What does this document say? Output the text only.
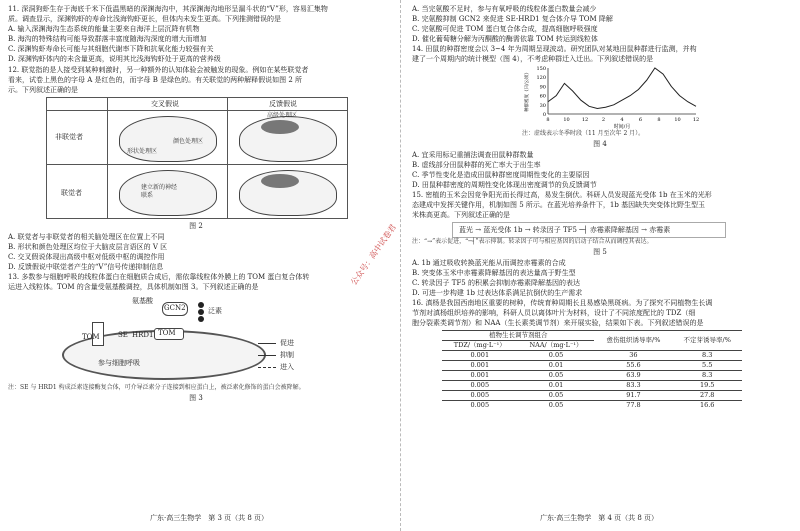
11. 深洞狗虾生存于海底千米下低温黑暗的深渊海沟中，其深渊海沟地形呈漏斗状的“V”形，容易汇集物

质。调查显示，深渊钩虾的寿命比浅海钩虾更长，但体内未发生更高。下列推测错误的是

A. 输入深渊海沟生态系统的能量主要来自海洋上层沉降有机物

B. 海沟的特殊结构可能导致群落丰富度随海沟深度的增大而增加

C. 深渊钩虾寿命长可能与其细胞代谢率下降和抗氧化能力较强有关

D. 深渊钩虾体内的未含量更高，说明其比浅海钩虾处于更高的营养级

12. 联觉指的是人接受到某种刺激时，另一种额外的认知体验会被触发的现象。例如在某些联觉者

看来，试卷上黑色的字母 A 是红色的，而字母 B 是绿色的。有关联觉的两种解释假说如图 2 所

示。下列叙述正确的是

交叉假说	反馈假说
非联觉者
联觉者
形状处理区
颜色处理区
高级处理区
建立新的神经联系

图 2

A. 联觉者与非联觉者的相关脑处理区在位置上不同

B. 形状和颜色处理区均位于大脑皮层言语区的 V 区

C. 交叉假说体现出高级中枢对低级中枢的调控作用

D. 反馈假说中联觉者产生的“V”信号传递抑制信息

13. 多数参与细胞呼吸的线粒体蛋白在细胞质合成后，需依靠线粒体外膜上的 TOM 蛋白复合体转

运进入线粒体。TOM 的含量受氨基酸调控，具体机制如图 3。下列叙述正确的是

SE HRD1 TOM
TOM
GCN2
氨基酸
参与细胞呼吸
泛素
促进
抑制
进入

注：SE 与 HRD1 构成泛素连接酶复合体，可介导泛素分子连接到相应蛋白上，被泛素化修饰的蛋白会被降解。

图 3

广东·高三生物学　第 3 页（共 8 页）

公众号：高中试卷君

A. 当完氨酸不足时，参与有氧呼吸的线粒体蛋白数量会减少

B. 完氨酸抑制 GCN2 来促进 SE-HRD1 复合体介导 TOM 降解

C. 完氨酸可促进 TOM 蛋白复合体合成，提高细胞呼吸强度

D. 催化葡萄糖分解为丙酮酸的酶需依靠 TOM 转运到线粒体

14. 田鼠的种群密度会以 3~4 年为周期呈现波动。研究团队对某地田鼠种群进行监测，并构

建了一个周期内的统计模型（图 4），不考虑种群迁入迁出。下列叙述错误的是

8	10 12	2	4	6	8	10 12
0
30
60
90
120
150
种群密度（只/公顷）
时间/月

注：虚线表示冬季时段（11 月至次年 2 月）。

图 4

A. 宜采用标记重捕法调查田鼠种群数量

B. 虚线部分田鼠种群的死亡率大于出生率

C. 季节性变化是造成田鼠种群密度周期性变化的主要原因

D. 田鼠种群密度的周期性变化体现出密度调节的负反馈调节

15. 密植的玉米会因竞争阳光而长得过高，易发生倒伏。科研人员发现蓝光受体 1b 在玉米的光形

态建成中发挥关键作用，机制如图 5 所示。在蓝光培养条件下，1b 基因缺失突变体比野生型玉

米株高更高。下列叙述正确的是

蓝光 → 蓝光受体 1b → 转录因子 TF5 ─┤ 赤霉素降解基因 → 赤霉素

注：“→”表示促进，“─┤”表示抑制。转录因子可与相应基因的启动子结合从而调控其表达。

图 5

A. 1b 通过吸收转换蓝光能从而调控赤霉素的合成

B. 突变体玉米中赤霉素降解基因的表达量高于野生型

C. 转录因子 TF5 的积累会抑制赤霉素降解基因的表达

D. 可进一步构建 1b 过表达体系满足抗倒伏的生产需求

16. 滇杨是我国西南地区重要的树种，传统育种周期长且易感染黑斑病。为了探究不同植物生长调

节剂对滇杨组织培养的影响，科研人员以离体叶片为材料，设计了不同浓度配比的 TDZ（细

胞分裂素类调节剂）和 NAA（生长素类调节剂）来开展实验，结果如下表。下列叙述错误的是

植物生长调节剂组合		愈伤组织诱导率/%	不定芽诱导率/%
TDZ/（mg·L⁻¹）	NAA/（mg·L⁻¹）		
0.001	0.05	36	8.3
0.001	0.01	55.6	5.5
0.001	0.05	63.9	8.3
0.005	0.01	83.3	19.5
0.005	0.05	91.7	27.8
0.005	0.05	77.8	16.6

广东·高三生物学　第 4 页（共 8 页）
